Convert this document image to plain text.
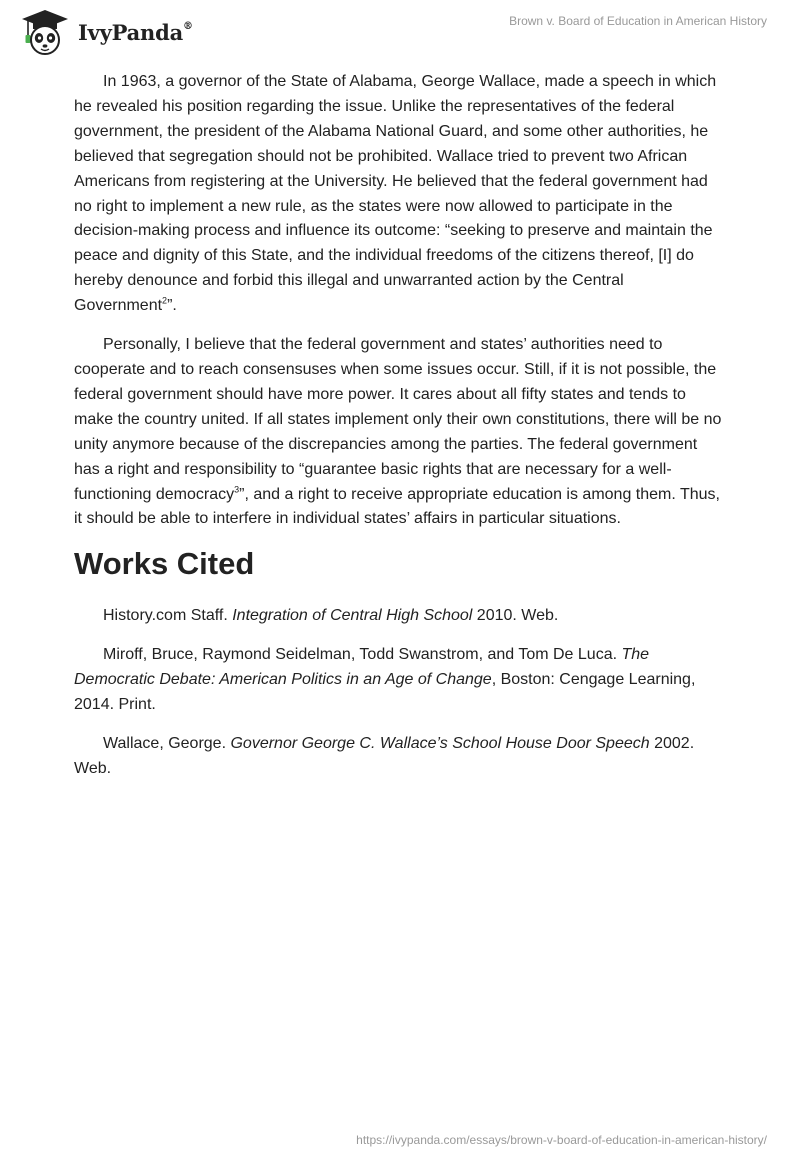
IvyPanda®	Brown v. Board of Education in American History

In 1963, a governor of the State of Alabama, George Wallace, made a speech in which he revealed his position regarding the issue. Unlike the representatives of the federal government, the president of the Alabama National Guard, and some other authorities, he believed that segregation should not be prohibited. Wallace tried to prevent two African Americans from registering at the University. He believed that the federal government had no right to implement a new rule, as the states were now allowed to participate in the decision-making process and influence its outcome: “seeking to preserve and maintain the peace and dignity of this State, and the individual freedoms of the citizens thereof, [I] do hereby denounce and forbid this illegal and unwarranted action by the Central Government$^2$”.

Personally, I believe that the federal government and states’ authorities need to cooperate and to reach consensuses when some issues occur. Still, if it is not possible, the federal government should have more power. It cares about all fifty states and tends to make the country united. If all states implement only their own constitutions, there will be no unity anymore because of the discrepancies among the parties. The federal government has a right and responsibility to “guarantee basic rights that are necessary for a well-functioning democracy$^3$”, and a right to receive appropriate education is among them. Thus, it should be able to interfere in individual states’ affairs in particular situations.

Works Cited

History.com Staff. Integration of Central High School 2010. Web.

Miroff, Bruce, Raymond Seidelman, Todd Swanstrom, and Tom De Luca. The Democratic Debate: American Politics in an Age of Change, Boston: Cengage Learning, 2014. Print.

Wallace, George. Governor George C. Wallace’s School House Door Speech 2002. Web.

https://ivypanda.com/essays/brown-v-board-of-education-in-american-history/
